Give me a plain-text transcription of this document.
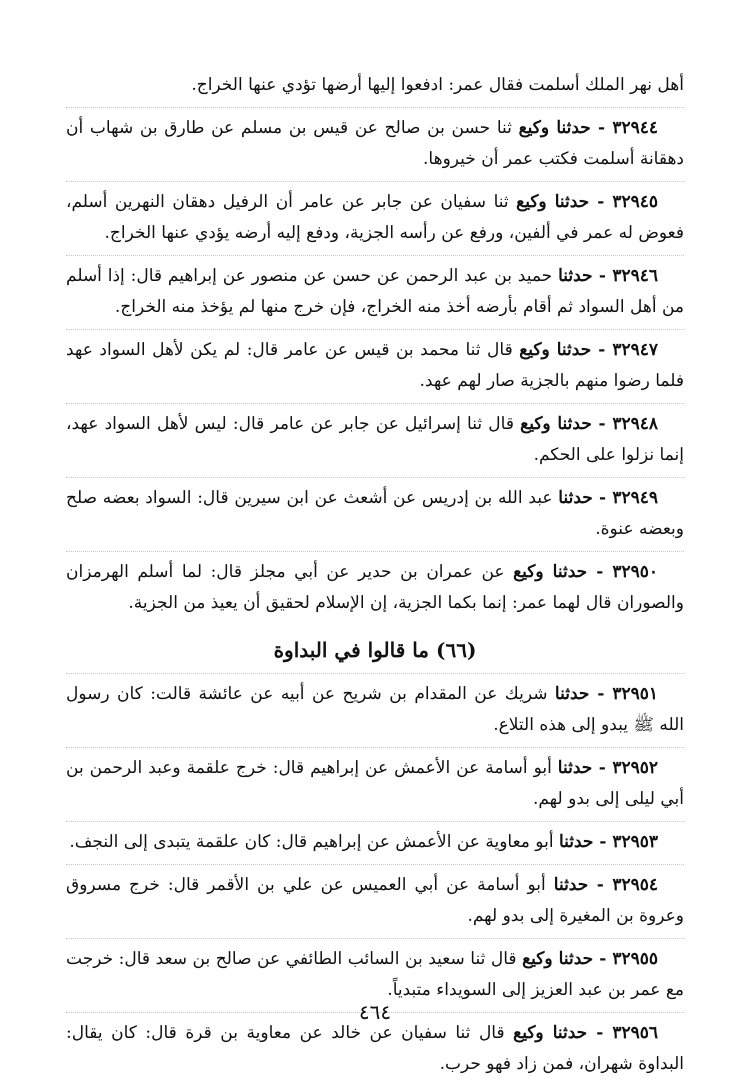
أهل نهر الملك أسلمت فقال عمر: ادفعوا إليها أرضها تؤدي عنها الخراج.

٣٢٩٤٤ - حدثنا وكيع ثنا حسن بن صالح عن قيس بن مسلم عن طارق بن شهاب أن دهقانة أسلمت فكتب عمر أن خيروها.

٣٢٩٤٥ - حدثنا وكيع ثنا سفيان عن جابر عن عامر أن الرفيل دهقان النهرين أسلم، فعوض له عمر في ألفين، ورفع عن رأسه الجزية، ودفع إليه أرضه يؤدي عنها الخراج.

٣٢٩٤٦ - حدثنا حميد بن عبد الرحمن عن حسن عن منصور عن إبراهيم قال: إذا أسلم من أهل السواد ثم أقام بأرضه أخذ منه الخراج، فإن خرج منها لم يؤخذ منه الخراج.

٣٢٩٤٧ - حدثنا وكيع قال ثنا محمد بن قيس عن عامر قال: لم يكن لأهل السواد عهد فلما رضوا منهم بالجزية صار لهم عهد.

٣٢٩٤٨ - حدثنا وكيع قال ثنا إسرائيل عن جابر عن عامر قال: ليس لأهل السواد عهد، إنما نزلوا على الحكم.

٣٢٩٤٩ - حدثنا عبد الله بن إدريس عن أشعث عن ابن سيرين قال: السواد بعضه صلح وبعضه عنوة.

٣٢٩٥٠ - حدثنا وكيع عن عمران بن حدير عن أبي مجلز قال: لما أسلم الهرمزان والصوران قال لهما عمر: إنما بكما الجزية، إن الإسلام لحقيق أن يعيذ من الجزية.

(٦٦) ما قالوا في البداوة

٣٢٩٥١ - حدثنا شريك عن المقدام بن شريح عن أبيه عن عائشة قالت: كان رسول الله ﷺ يبدو إلى هذه التلاع.

٣٢٩٥٢ - حدثنا أبو أسامة عن الأعمش عن إبراهيم قال: خرج علقمة وعبد الرحمن بن أبي ليلى إلى بدو لهم.

٣٢٩٥٣ - حدثنا أبو معاوية عن الأعمش عن إبراهيم قال: كان علقمة يتبدى إلى النجف.

٣٢٩٥٤ - حدثنا أبو أسامة عن أبي العميس عن علي بن الأقمر قال: خرج مسروق وعروة بن المغيرة إلى بدو لهم.

٣٢٩٥٥ - حدثنا وكيع قال ثنا سعيد بن السائب الطائفي عن صالح بن سعد قال: خرجت مع عمر بن عبد العزيز إلى السويداء متبدياً.

٣٢٩٥٦ - حدثنا وكيع قال ثنا سفيان عن خالد عن معاوية بن قرة قال: كان يقال: البداوة شهران، فمن زاد فهو حرب.

٤٦٤
